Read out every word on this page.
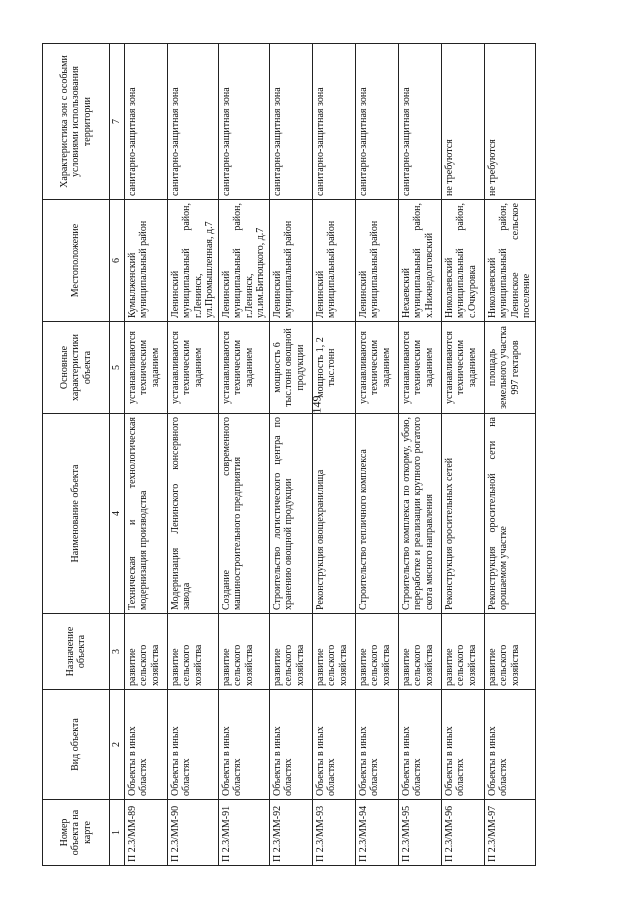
149
Номер объекта на карте	Вид объекта	Назначение объекта	Наименование объекта	Основные характеристики объекта	Местоположение	Характеристика зон с особыми условиями использования территории
1	2	3	4	5	6	7
П 2.3/ММ-89	Объекты в иных областях	развитие сельского хозяйства	Техническая и технологическая модернизация производства	устанавливаются техническим заданием	Кумылженский муниципальный район	санитарно-защитная зона
П 2.3/ММ-90	Объекты в иных областях	развитие сельского хозяйства	Модернизация Ленинского консервного завода	устанавливаются техническим заданием	Ленинский муниципальный район, г.Ленинск, ул.Промышленная, д.7	санитарно-защитная зона
П 2.3/ММ-91	Объекты в иных областях	развитие сельского хозяйства	Создание современного машиностроительного предприятия	устанавливаются техническим заданием	Ленинский муниципальный район, г.Ленинск, ул.им.Битюцкого, д.7	санитарно-защитная зона
П 2.3/ММ-92	Объекты в иных областях	развитие сельского хозяйства	Строительство логистического центра по хранению овощной продукции	мощность 6 тыс.тонн овощной продукции	Ленинский муниципальный район	санитарно-защитная зона
П 2.3/ММ-93	Объекты в иных областях	развитие сельского хозяйства	Реконструкция овощехранилища	мощность 1, 2 тыс.тонн	Ленинский муниципальный район	санитарно-защитная зона
П 2.3/ММ-94	Объекты в иных областях	развитие сельского хозяйства	Строительство тепличного комплекса	устанавливаются техническим заданием	Ленинский муниципальный район	санитарно-защитная зона
П 2.3/ММ-95	Объекты в иных областях	развитие сельского хозяйства	Строительство комплекса по откорму, убою, переработке и реализации крупного рогатого скота мясного направления	устанавливаются техническим заданием	Нехаевский муниципальный район, х.Нижнедолговский	санитарно-защитная зона
П 2.3/ММ-96	Объекты в иных областях	развитие сельского хозяйства	Реконструкция оросительных сетей	устанавливаются техническим заданием	Николаевский муниципальный район, с.Очкуровка	не требуются
П 2.3/ММ-97	Объекты в иных областях	развитие сельского хозяйства	Реконструкция оросительной сети на орошаемом участке	площадь земельного участка 997 гектаров	Николаевский муниципальный район, Ленинское сельское поселение	не требуются
